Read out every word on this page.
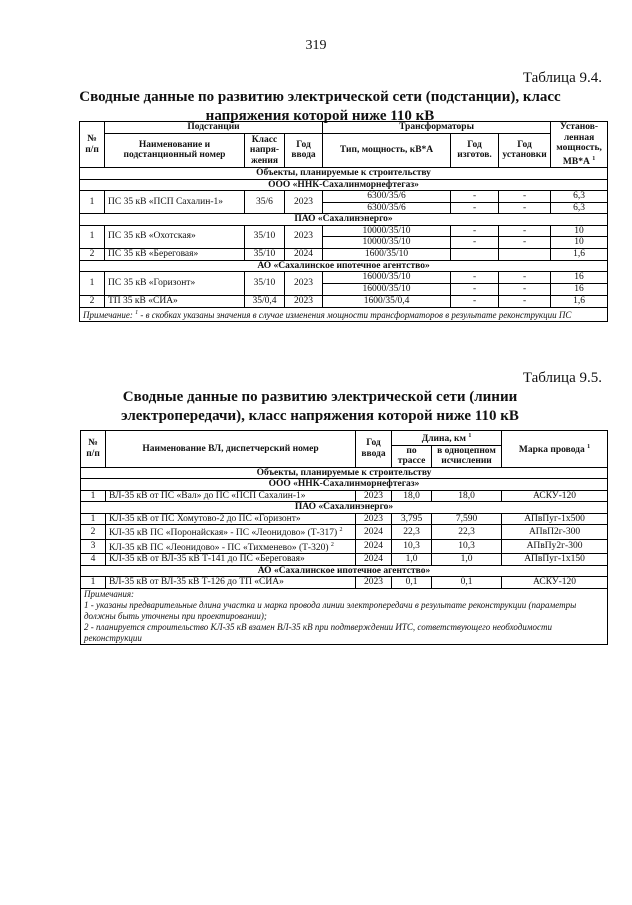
319
Таблица 9.4.
Сводные данные по развитию электрической сети (подстанции), класс
напряжения которой ниже 110 кВ
№ п/п	Подстанции			Трансформаторы			Установ-ленная мощность, МВ*А $^1$
	Наименование и подстанционный номер	Класс напря-жения	Год ввода	Тип, мощность, кВ*А	Год изготов.	Год установки	
Объекты, планируемые к строительству							
ООО «ННК-Сахалинморнефтегаз»							
1	ПС 35 кВ «ПСП Сахалин-1»	35/6	2023	6300/35/6	-	-	6,3
				6300/35/6	-	-	6,3
ПАО «Сахалинэнерго»							
1	ПС 35 кВ «Охотская»	35/10	2023	10000/35/10	-	-	10
				10000/35/10	-	-	10
2	ПС 35 кВ «Береговая»	35/10	2024	1600/35/10			1,6
АО «Сахалинское ипотечное агентство»							
1	ПС 35 кВ «Горизонт»	35/10	2023	16000/35/10	-	-	16
				16000/35/10	-	-	16
2	ТП 35 кВ «СИА»	35/0,4	2023	1600/35/0,4	-	-	1,6
Примечание: $^1$ - в скобках указаны значения в случае изменения мощности трансформаторов в результате реконструкции ПС							
Таблица 9.5.
Сводные данные по развитию электрической сети (линии
электропередачи), класс напряжения которой ниже 110 кВ
№ п/п	Наименование ВЛ, диспетчерский номер	Год ввода	Длина, км $^1$		Марка провода $^1$
			по трассе	в одноцепном исчислении	
Объекты, планируемые к строительству					
ООО «ННК-Сахалинморнефтегаз»					
1	ВЛ-35 кВ от ПС «Вал» до ПС «ПСП Сахалин-1»	2023	18,0	18,0	АСКУ-120
ПАО «Сахалинэнерго»					
1	КЛ-35 кВ от ПС Хомутово-2 до ПС «Горизонт»	2023	3,795	7,590	АПвПуг-1х500
2	КЛ-35 кВ ПС «Поронайская» - ПС «Леонидово» (Т-317) $^2$	2024	22,3	22,3	АПвП2г-300
3	КЛ-35 кВ ПС «Леонидово» - ПС «Тихменево» (Т-320) $^2$	2024	10,3	10,3	АПвПу2г-300
4	КЛ-35 кВ от ВЛ-35 кВ Т-141 до ПС «Береговая»	2024	1,0	1,0	АПвПуг-1х150
АО «Сахалинское ипотечное агентство»					
1	ВЛ-35 кВ от ВЛ-35 кВ Т-126 до ТП «СИА»	2023	0,1	0,1	АСКУ-120

Примечания:
1 - указаны предварительные длина участка и марка провода линии электропередачи в результате реконструкции (параметры должны быть уточнены при проектировании);
2 - планируется строительство КЛ-35 кВ взамен ВЛ-35 кВ при подтверждении ИТС, сответствующего необходимости реконструкции					
